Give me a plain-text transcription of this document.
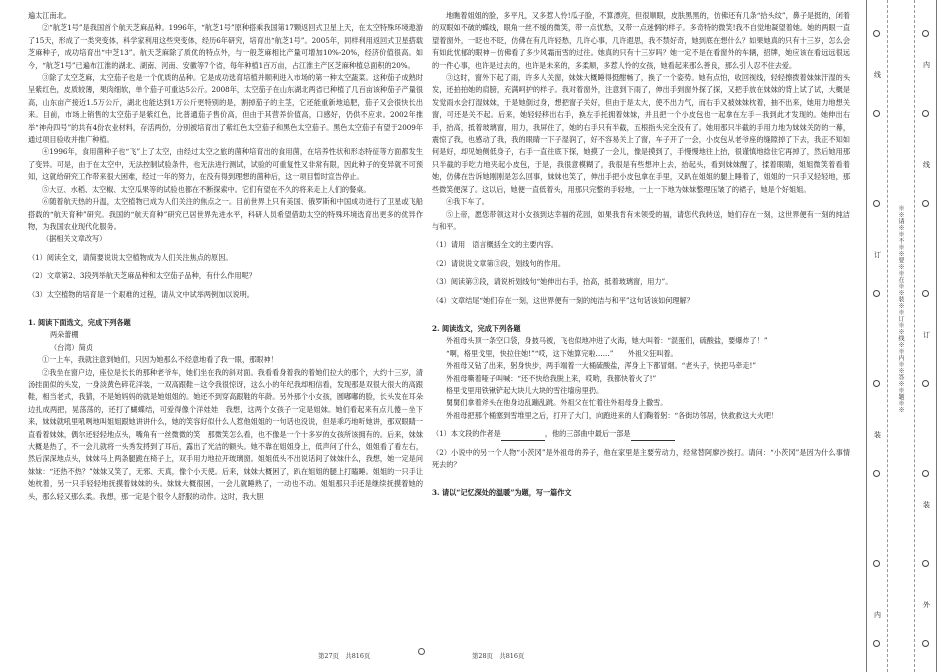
遍太江南北。

②“航芝1号”是我国首个航天芝麻品种。1996年，“航芝1号”原种搭乘我国第17颗返回式卫星上天，在太空特殊环境遨游了15天，形成了一类突变体，科学家利用这些突变体，经历6年研究，培育出“航芝1号”。2005年，同样利用返回式卫星搭载芝麻种子，成功培育出“中芝13”。航天芝麻除了质优的特点外，与一般芝麻相比产量可增加10%-20%，经济价值很高。如今，“航芝1号”已遍布江淮的湖北、湖南、河南、安徽等7个省，每年种植1百万亩，占江淮主产区芝麻种植总面积的20%。

③除了太空芝麻，太空茄子也是一个优质的品种。它是成功选育培植并顺利进入市场的第一种太空蔬菜。这种茄子成熟时呈紫红色，皮质较薄，果肉细软，单个茄子可重达5公斤。2008年，太空茄子在山东湖北两省已种植了几百亩该种茄子产量很高，山东亩产接近1.5万公斤，湖北也能达到1万公斤更特别的是，割掉茄子的主茎，它还能重新地追肥，茄子又会很快长出来。目前，市场上销售的太空茄子是紫红色，比普通茄子售价高，但由于其营养价值高，口感好，仍供不应求。2002年推举“神舟四号”的共有4份农业材料，存活两份，分别被培育出了紫红色太空茄子和黑色太空茄子。黑色太空茄子有望于2009年通过项目验收并推广种植。

④1996年，食用菌种子也“飞”上了太空，由经过太空之旅的菌种培育出的食用菌，在培养性状和形态特征等方面都发生了变异。可是，由于在太空中，无法控制试验条件，也无法进行测试，试验的可重复性又非常有限，因此种子的变异就不可预知，这就给研究工作带来很大困难，经过一年的努力，在没有得到理想的菌种后，这一项目暂时宣告停止。

⑤大豆、水稻、太空椒、太空瓜果等的试验也都在不断探索中。它们有望在不久的将来走上人们的餐桌。

⑥随着航天热的升温，太空植物已成为人们关注的焦点之一。目前世界上只有美国、俄罗斯和中国成功进行了卫星或飞船搭载的“航天育种”研究。我国的“航天育种”研究已居世界先进水平，科研人员希望借助太空的特殊环境选育出更多的优异作物，为我国农业现代化服务。

（据相关文章改写）

（1）阅读全文，请简要说说太空植物成为人们关注焦点的原因。

（2）文章第2、3段列举航天芝麻品种和太空茄子品种，有什么作用呢？

（3）太空植物的培育是一个艰难的过程，请从文中试举两例加以说明。

1. 阅读下面选文，完成下列各题

两朵蕾棚

（台湾）简贞

①一上车，我就注意到她们，只因为她那么不经意地看了我一眼，那眼神！

②我坐在窗户边，座位是长长的那种老爷车，她们坐在我的斜对面。我看看身着我的着她们拉大的那个，大约十三岁，清汤挂面似的头发，一身淡黄色碎花洋装，一双高跟鞋－这令我很惊讶，这么小的年纪我却相信看，发现那是双很大很大的高跟鞋，相当老式，我猜，不是她妈妈的就是她姐姐的。她还不到穿高跟鞋的年龄。另外那个小女孩，圆嘟嘟的脸，长头发在耳朵边扎成两把，晃荡荡的，还打了蝴蝶结，可爱得像个洋娃娃　我想，这两个女孩子一定是姐妹。她们看起来有点儿傻－坐下来，妹妹就吼里吼咧地叫姐姐跟她讲讲什么，她的笑容好似什么人惹他姐姐的一句话也没说，但是乖巧地听她讲，那双眼睛一直看着妹妹，偶尔还轻轻地点头，嘴角有一丝微微的笑　那微笑怎么看，也不像是一个十多岁的女孩所该拥有的。后来，妹妹大概是热了，不一会儿就将一头秀发捋到了耳后，露出了光洁的额头。她不靠在姐姐身上，低声问了什么，姐姐看了看左右，然后深深地点头，妹妹马上两条腿跪在椅子上，双手用力地拉开玻璃窗。姐姐低头不出说话间了妹妹什么，我想，她一定是问妹妹：“还热不热？”妹妹又笑了，无邪、天真，像个小天使。后来，妹妹大概困了，趴在姐姐的腿上打瞌睡。姐姐的一只手让她枕着，另一只手轻轻地抚摸着妹妹的头。妹妹大概很困，一会儿就睡熟了，一动也不动。姐姐那只手还是继续抚摸着她的头，那么轻又那么柔。我想，那一定是个很令人舒服的动作。这时，我大胆

地瞧着姐姐的脸，多平凡，又多惹人怜!瓜子脸，不算漂亮，但很顺眼，皮肤黑黑的，仿佛还有几条“拾头纹”，鼻子是挺的，闭着的双眼如不破的蝶线，眼角一丝不缓的微笑，带一点忧愁，又带一点迷惘的样子。多奇特的微笑!我不自觉地凝望着她。她的两眼一直望着窗外，一眨也不眨，仿佛在有几许轻愁，几许心事，几许遐思，我不禁好奇，她到底在想什么？如果她真的只有十三岁，怎么会有如此忧郁的眼神－仿佛看了多少风霜而雪的过往。她真的只有十三岁吗？她一定不是在看窗外的车辆，招牌，她应该在看远远很远的一件心事，也许是过去的，也许是未来的，多柔顺，多惹人怜的女孩，她看起来那么善良，那么引人忍不住去爱。

③这时，窗外下起了雨，许多人关窗，妹妹大概睡得挺酣畅了，换了一个姿势。她有点怕，收回视线，轻轻擦拨着妹妹汗湿的头发，还拍拍她的肩膀，充满呵护的样子。我对着窗外，注意到下雨了，伸出手到窗外探了探，又把手放在妹妹的背上试了试，大概是发觉雨水会打湿妹妹，于是她倒过身，想把窗子关好，但由于是太大，使不出力气，而右手又被妹妹枕着，抽不出来，她用力地想关窗，可还是关不起。后来，她轻轻移出右手，换左手托拥着妹妹，并且把一个小皮包也一起拿在左手－我到此才发现的。她伸出右手，抬高，抵着玻璃窗，用力，我屏住了，她的右手只有半截，五根指头完全没有了。她用那只半截的手用力地为妹妹关防的一幕，震惊了我，也感动了我，我的眼睛一下子湿润了，好不容易关上了窗，车子开了一会，小皮包从老爷座的缝隙掉了下去，我正不知如何是好，却见她侧低身子，右手一直往底下探，她摸了一会儿，像是摸到了，手慢慢地往上抬，很谨慎地捻住它再掉了，然后她用那只半截的手吃力地夹起小皮包，于是，我很意模糊了，我很是有些想冲上去，抬起头，看到妹妹醒了，揉着眼睛，姐姐微笑着看着她，仿佛在告诉她刚刚是怎么回事，妹妹也笑了，伸出手把小皮包拿在手里，又趴在姐姐的腿上睡着了，姐姐的一只手又轻轻地，那些微笑便深了。这以后，她便一直低着头，用那只完整的手轻地，一上一下地为妹妹整理压皱了的裙子，她是个好姐姐。

④我下车了。

⑤上帝，愿您带领这对小女孩到达幸福的花园，如果我肯有未领受的福，请您代我转送，她们存在一刻，这世界便有一刻的纯洁与和平。

（1）请用　语言概括全文的主要内容。

（2）请说说文章第③段，划线句的作用。

（3）阅读第③段，请说析划线句“她伸出右手，抬高，抵着玻璃窗，用力”。

（4）文章结尾“她们存在一刻，这世界便有一刻的纯洁与和平”这句话该如何理解？

2. 阅读选文，完成下列各题

外祖母头顶一条空口袋，身披马被，飞也似地冲进了火海，她大叫着：“混蛋们，硫酸盐，要爆炸了！”

“啊，格里戈里，快拉住她!”“哎，这下她算完啦……”　　外祖父狂叫着。

外祖母又钻了出来，躬身快步，两手端着一大桶硫酸盐，浑身上下都冒烟。“老头子，快把马牵走!”

外祖母嘶着哑子叫喊：“还不快给我脱上来，哎哟，我都快着火了!”

格里戈里用铁锹铲起大块儿大块的雪往墙房里扔。

舅舅们拿着斧头在他身边乱蹦乱跳。外祖父在忙着往外祖母身上撒雪。

外祖母把那个桶塞到雪堆里之后，打开了大门，向跑进来的人们鞠着躬：“各街坊邻居，快救救这大火吧！

（1）本文段的作者是	，他的三部曲中最后一部是

（2）小说中的另一个人物“小茨冈”是外祖母的养子，他在家里是主要劳动力，经常替阿廖沙挨打。请问：“小茨冈”是因为什么事情死去的？

3. 请以“记忆深处的温暖”为题，写一篇作文

第27页　共816页	第28页　共816页
线
订
装
内
外
线
订
装
内
※※请※※不※※要※※在※※装※※订※※线※※内※※答※※题※※
